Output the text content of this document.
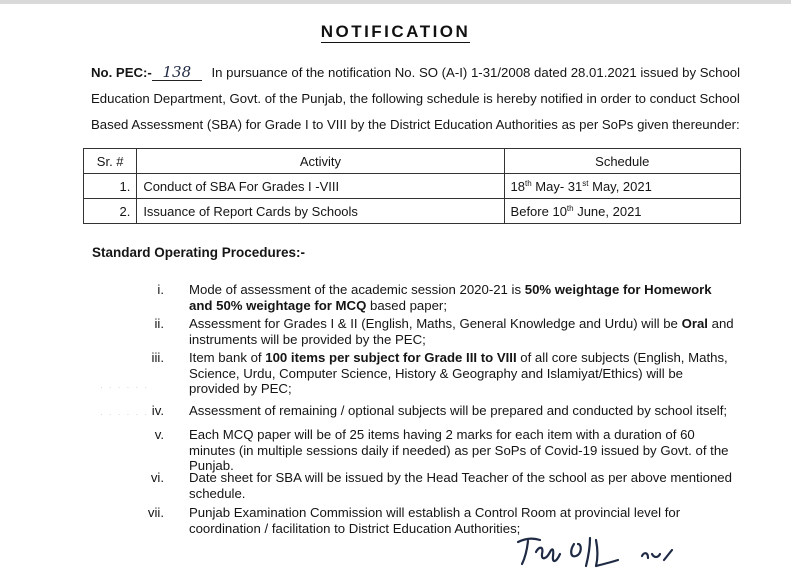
NOTIFICATION
No. PEC:- 138 In pursuance of the notification No. SO (A-I) 1-31/2008 dated 28.01.2021 issued by School Education Department, Govt. of the Punjab, the following schedule is hereby notified in order to conduct School Based Assessment (SBA) for Grade I to VIII by the District Education Authorities as per SoPs given thereunder:
Sr. #	Activity	Schedule
1.	Conduct of SBA For Grades I -VIII	18th May- 31st May, 2021
2.	Issuance of Report Cards by Schools	Before 10th June, 2021
Standard Operating Procedures:-
i. Mode of assessment of the academic session 2020-21 is 50% weightage for Homework and 50% weightage for MCQ based paper;
ii. Assessment for Grades I & II (English, Maths, General Knowledge and Urdu) will be Oral and instruments will be provided by the PEC;
iii. Item bank of 100 items per subject for Grade III to VIII of all core subjects (English, Maths, Science, Urdu, Computer Science, History & Geography and Islamiyat/Ethics) will be provided by PEC;
iv. Assessment of remaining / optional subjects will be prepared and conducted by school itself;
v. Each MCQ paper will be of 25 items having 2 marks for each item with a duration of 60 minutes (in multiple sessions daily if needed) as per SoPs of Covid-19 issued by Govt. of the Punjab.
vi. Date sheet for SBA will be issued by the Head Teacher of the school as per above mentioned schedule.
vii. Punjab Examination Commission will establish a Control Room at provincial level for coordination / facilitation to District Education Authorities;
· · · · · ·
· · · · · ·
